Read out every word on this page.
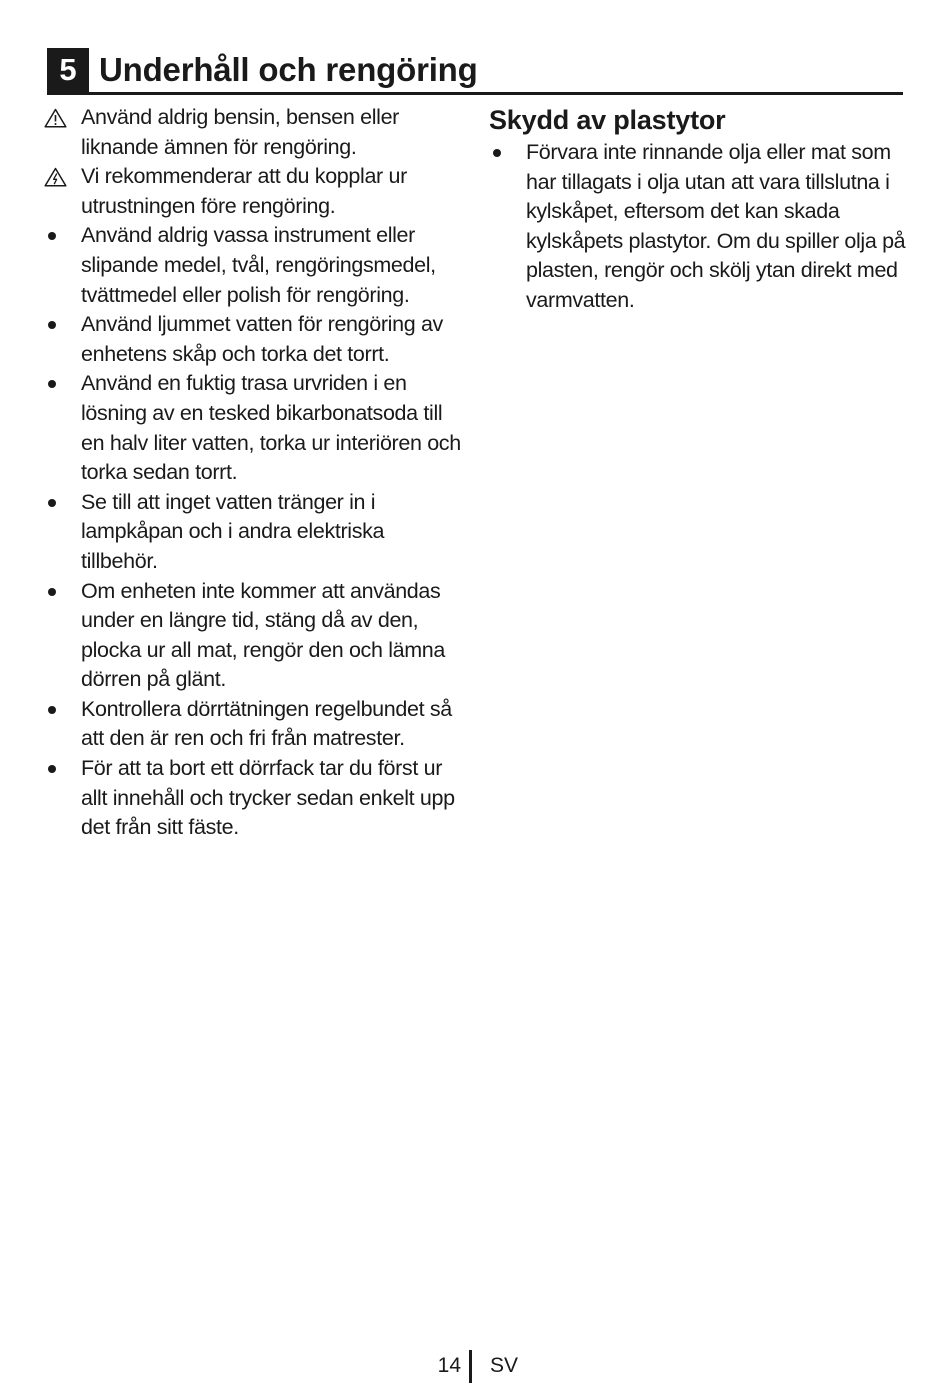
5 Underhåll och rengöring
Använd aldrig bensin, bensen eller liknande ämnen för rengöring.
Vi rekommenderar att du kopplar ur utrustningen före rengöring.
Använd aldrig vassa instrument eller slipande medel, tvål, rengöringsmedel, tvättmedel eller polish för rengöring.
Använd ljummet vatten för rengöring av enhetens skåp och torka det torrt.
Använd en fuktig trasa urvriden i en lösning av en tesked bikarbonatsoda till en halv liter vatten, torka ur interiören och torka sedan torrt.
Se till att inget vatten tränger in i lampkåpan och i andra elektriska tillbehör.
Om enheten inte kommer att användas under en längre tid, stäng då av den, plocka ur all mat, rengör den och lämna dörren på glänt.
Kontrollera dörrtätningen regelbundet så att den är ren och fri från matrester.
För att ta bort ett dörrfack tar du först ur allt innehåll och trycker sedan enkelt upp det från sitt fäste.
Skydd av plastytor
Förvara inte rinnande olja eller mat som har tillagats i olja utan att vara tillslutna i kylskåpet, eftersom det kan skada kylskåpets plastytor. Om du spiller olja på plasten, rengör och skölj ytan direkt med varmvatten.
14 SV
